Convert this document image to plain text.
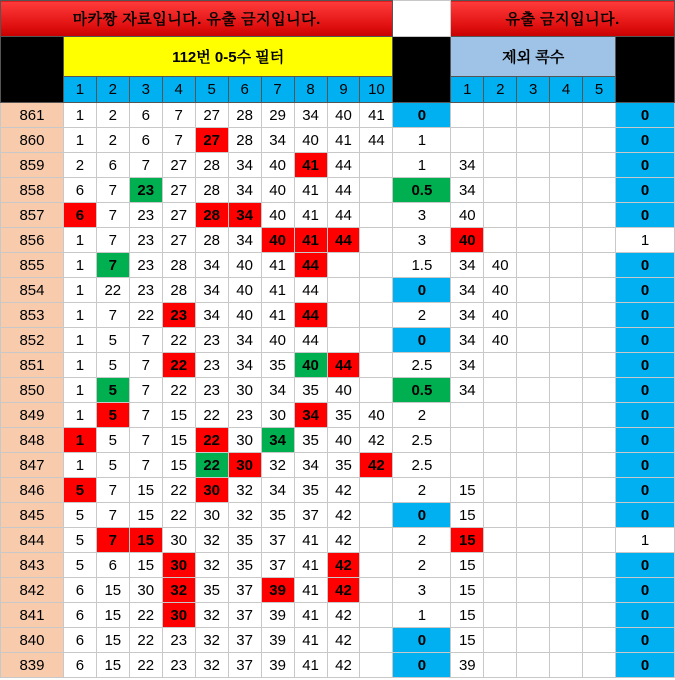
마카짱 자료입니다. 유출 금지입니다.												유출 금지입니다.					
회차	112번 0-5수 필터										결과	제외 콕수					결과
	1	2	3	4	5	6	7	8	9	10		1	2	3	4	5	
861	1	2	6	7	27	28	29	34	40	41	0						0
860	1	2	6	7	27	28	34	40	41	44	1						0
859	2	6	7	27	28	34	40	41	44		1	34					0
858	6	7	23	27	28	34	40	41	44		0.5	34					0
857	6	7	23	27	28	34	40	41	44		3	40					0
856	1	7	23	27	28	34	40	41	44		3	40					1
855	1	7	23	28	34	40	41	44			1.5	34	40				0
854	1	22	23	28	34	40	41	44			0	34	40				0
853	1	7	22	23	34	40	41	44			2	34	40				0
852	1	5	7	22	23	34	40	44			0	34	40				0
851	1	5	7	22	23	34	35	40	44		2.5	34					0
850	1	5	7	22	23	30	34	35	40		0.5	34					0
849	1	5	7	15	22	23	30	34	35	40	2						0
848	1	5	7	15	22	30	34	35	40	42	2.5						0
847	1	5	7	15	22	30	32	34	35	42	2.5						0
846	5	7	15	22	30	32	34	35	42		2	15					0
845	5	7	15	22	30	32	35	37	42		0	15					0
844	5	7	15	30	32	35	37	41	42		2	15					1
843	5	6	15	30	32	35	37	41	42		2	15					0
842	6	15	30	32	35	37	39	41	42		3	15					0
841	6	15	22	30	32	37	39	41	42		1	15					0
840	6	15	22	23	32	37	39	41	42		0	15					0
839	6	15	22	23	32	37	39	41	42		0	39					0
